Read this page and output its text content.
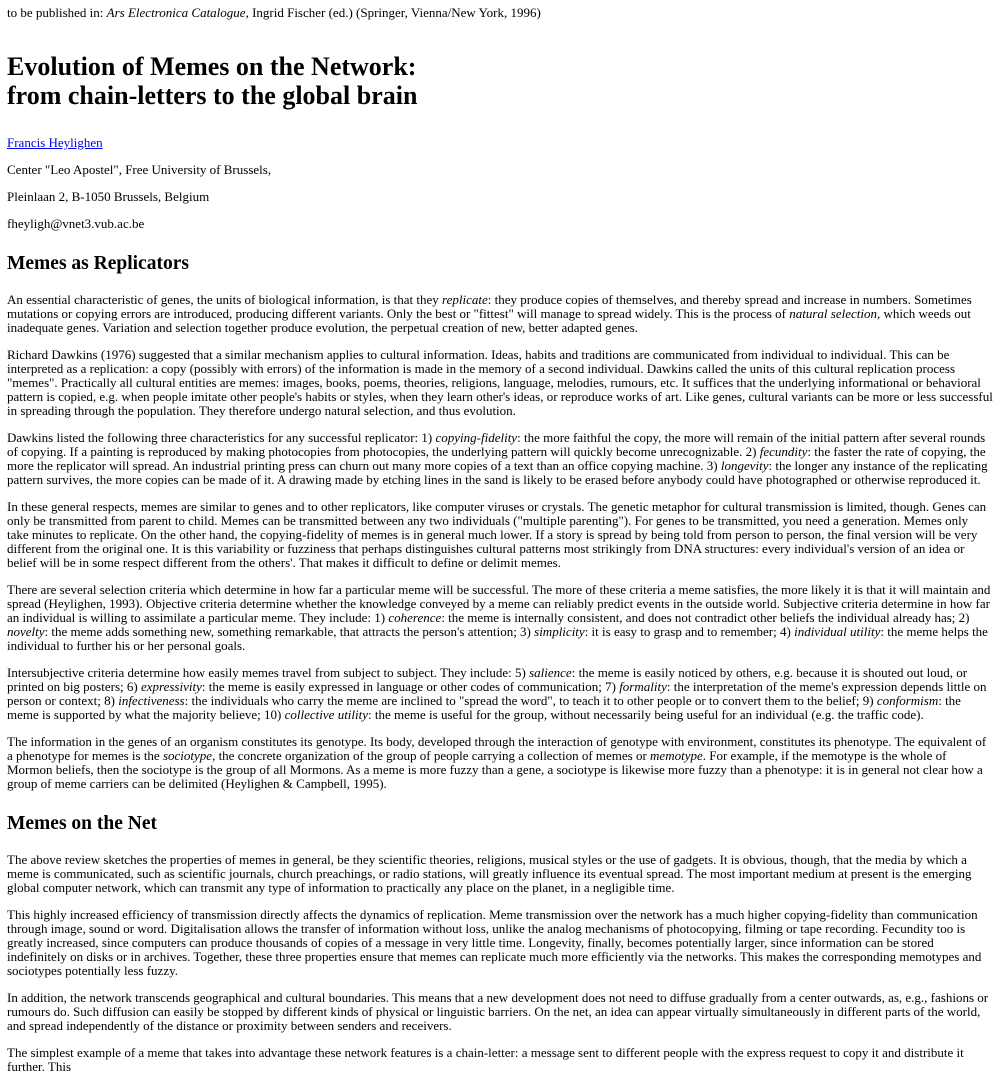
to be published in: Ars Electronica Catalogue, Ingrid Fischer (ed.) (Springer, Vienna/New York, 1996)

Evolution of Memes on the Network:
from chain-letters to the global brain

Francis Heylighen

Center "Leo Apostel", Free University of Brussels,

Pleinlaan 2, B-1050 Brussels, Belgium

fheyligh@vnet3.vub.ac.be

Memes as Replicators

An essential characteristic of genes, the units of biological information, is that they replicate: they produce copies of themselves, and thereby spread and increase in numbers. Sometimes mutations or copying errors are introduced, producing different variants. Only the best or "fittest" will manage to spread widely. This is the process of natural selection, which weeds out inadequate genes. Variation and selection together produce evolution, the perpetual creation of new, better adapted genes.

Richard Dawkins (1976) suggested that a similar mechanism applies to cultural information. Ideas, habits and traditions are communicated from individual to individual. This can be interpreted as a replication: a copy (possibly with errors) of the information is made in the memory of a second individual. Dawkins called the units of this cultural replication process "memes". Practically all cultural entities are memes: images, books, poems, theories, religions, language, melodies, rumours, etc. It suffices that the underlying informational or behavioral pattern is copied, e.g. when people imitate other people's habits or styles, when they learn other's ideas, or reproduce works of art. Like genes, cultural variants can be more or less successful in spreading through the population. They therefore undergo natural selection, and thus evolution.

Dawkins listed the following three characteristics for any successful replicator: 1) copying-fidelity: the more faithful the copy, the more will remain of the initial pattern after several rounds of copying. If a painting is reproduced by making photocopies from photocopies, the underlying pattern will quickly become unrecognizable. 2) fecundity: the faster the rate of copying, the more the replicator will spread. An industrial printing press can churn out many more copies of a text than an office copying machine. 3) longevity: the longer any instance of the replicating pattern survives, the more copies can be made of it. A drawing made by etching lines in the sand is likely to be erased before anybody could have photographed or otherwise reproduced it.

In these general respects, memes are similar to genes and to other replicators, like computer viruses or crystals. The genetic metaphor for cultural transmission is limited, though. Genes can only be transmitted from parent to child. Memes can be transmitted between any two individuals ("multiple parenting"). For genes to be transmitted, you need a generation. Memes only take minutes to replicate. On the other hand, the copying-fidelity of memes is in general much lower. If a story is spread by being told from person to person, the final version will be very different from the original one. It is this variability or fuzziness that perhaps distinguishes cultural patterns most strikingly from DNA structures: every individual's version of an idea or belief will be in some respect different from the others'. That makes it difficult to define or delimit memes.

There are several selection criteria which determine in how far a particular meme will be successful. The more of these criteria a meme satisfies, the more likely it is that it will maintain and spread (Heylighen, 1993). Objective criteria determine whether the knowledge conveyed by a meme can reliably predict events in the outside world. Subjective criteria determine in how far an individual is willing to assimilate a particular meme. They include: 1) coherence: the meme is internally consistent, and does not contradict other beliefs the individual already has; 2) novelty: the meme adds something new, something remarkable, that attracts the person's attention; 3) simplicity: it is easy to grasp and to remember; 4) individual utility: the meme helps the individual to further his or her personal goals.

Intersubjective criteria determine how easily memes travel from subject to subject. They include: 5) salience: the meme is easily noticed by others, e.g. because it is shouted out loud, or printed on big posters; 6) expressivity: the meme is easily expressed in language or other codes of communication; 7) formality: the interpretation of the meme's expression depends little on person or context; 8) infectiveness: the individuals who carry the meme are inclined to "spread the word", to teach it to other people or to convert them to the belief; 9) conformism: the meme is supported by what the majority believe; 10) collective utility: the meme is useful for the group, without necessarily being useful for an individual (e.g. the traffic code).

The information in the genes of an organism constitutes its genotype. Its body, developed through the interaction of genotype with environment, constitutes its phenotype. The equivalent of a phenotype for memes is the sociotype, the concrete organization of the group of people carrying a collection of memes or memotype. For example, if the memotype is the whole of Mormon beliefs, then the sociotype is the group of all Mormons. As a meme is more fuzzy than a gene, a sociotype is likewise more fuzzy than a phenotype: it is in general not clear how a group of meme carriers can be delimited (Heylighen & Campbell, 1995).

Memes on the Net

The above review sketches the properties of memes in general, be they scientific theories, religions, musical styles or the use of gadgets. It is obvious, though, that the media by which a meme is communicated, such as scientific journals, church preachings, or radio stations, will greatly influence its eventual spread. The most important medium at present is the emerging global computer network, which can transmit any type of information to practically any place on the planet, in a negligible time.

This highly increased efficiency of transmission directly affects the dynamics of replication. Meme transmission over the network has a much higher copying-fidelity than communication through image, sound or word. Digitalisation allows the transfer of information without loss, unlike the analog mechanisms of photocopying, filming or tape recording. Fecundity too is greatly increased, since computers can produce thousands of copies of a message in very little time. Longevity, finally, becomes potentially larger, since information can be stored indefinitely on disks or in archives. Together, these three properties ensure that memes can replicate much more efficiently via the networks. This makes the corresponding memotypes and sociotypes potentially less fuzzy.

In addition, the network transcends geographical and cultural boundaries. This means that a new development does not need to diffuse gradually from a center outwards, as, e.g., fashions or rumours do. Such diffusion can easily be stopped by different kinds of physical or linguistic barriers. On the net, an idea can appear virtually simultaneously in different parts of the world, and spread independently of the distance or proximity between senders and receivers.

The simplest example of a meme that takes into advantage these network features is a chain-letter: a message sent to different people with the express request to copy it and distribute it further. This
